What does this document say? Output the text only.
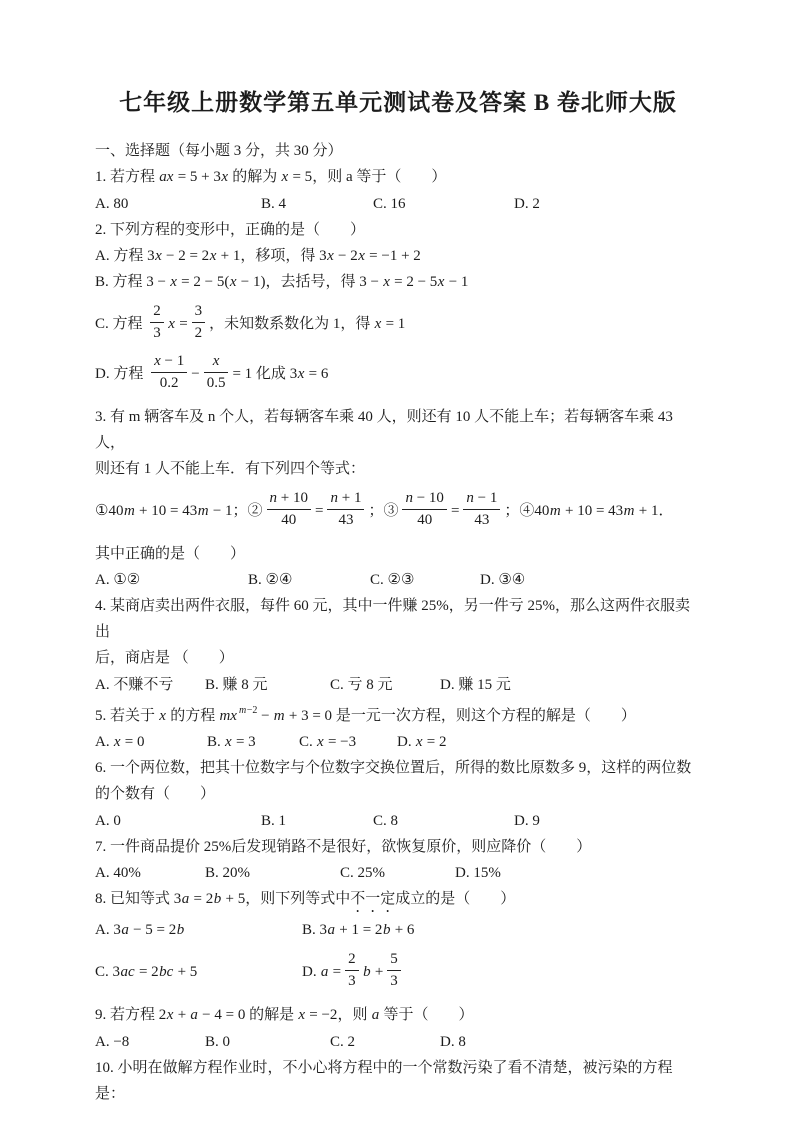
七年级上册数学第五单元测试卷及答案 B 卷北师大版
一、选择题（每小题 3 分，共 30 分）
1. 若方程 ax = 5 + 3x 的解为 x = 5，则 a 等于（　　）
A. 80	B. 4	C. 16	D. 2
2. 下列方程的变形中，正确的是（　　）
A. 方程 3x − 2 = 2x + 1，移项，得 3x − 2x = −1 + 2
B. 方程 3 − x = 2 − 5(x − 1)，去括号，得 3 − x = 2 − 5x − 1
C. 方程 $\frac{2}{3}$ $x = \frac{3}{2}$ ，未知数系数化为 1，得 x = 1
D. 方程 $\frac{x - 1}{0.2} - \frac{x}{0.5} = 1$ 化成 3x = 6
3. 有 m 辆客车及 n 个人，若每辆客车乘 40 人，则还有 10 人不能上车；若每辆客车乘 43 人，
则还有 1 人不能上车．有下列四个等式：
①40m + 10 = 43m − 1；② $\frac{n + 10}{40} = \frac{n + 1}{43}$ ；③ $\frac{n - 10}{40} = \frac{n - 1}{43}$ ；④40m + 10 = 43m + 1．
其中正确的是（　　）
A. ①②	B. ②④	C. ②③	D. ③④
4. 某商店卖出两件衣服，每件 60 元，其中一件赚 25%，另一件亏 25%，那么这两件衣服卖出
后，商店是 （　　）
A. 不赚不亏 B. 赚 8 元	C. 亏 8 元	D. 赚 15 元
5. 若关于 x 的方程 mx $^{m-2}$ − m + 3 = 0 是一元一次方程，则这个方程的解是（　　）
A. x = 0	B. x = 3	C. x = −3	D. x = 2
6. 一个两位数，把其十位数字与个位数字交换位置后，所得的数比原数多 9，这样的两位数
的个数有（　　）
A. 0	B. 1	C. 8	D. 9
7. 一件商品提价 25%后发现销路不是很好，欲恢复原价，则应降价（　　）
A. 40%	B. 20%	C. 25%	D. 15%
8. 已知等式 3a = 2b + 5，则下列等式中不一定成立的是（　　）
A. 3a − 5 = 2b	B. 3a + 1 = 2b + 6
C. 3ac = 2bc + 5	D. $a = \frac{2}{3}$ $b + \frac{5}{3}$
9. 若方程 2x + a − 4 = 0 的解是 x = −2，则 a 等于（　　）
A. −8	B. 0	C. 2	D. 8
10. 小明在做解方程作业时，不小心将方程中的一个常数污染了看不清楚，被污染的方程是：
